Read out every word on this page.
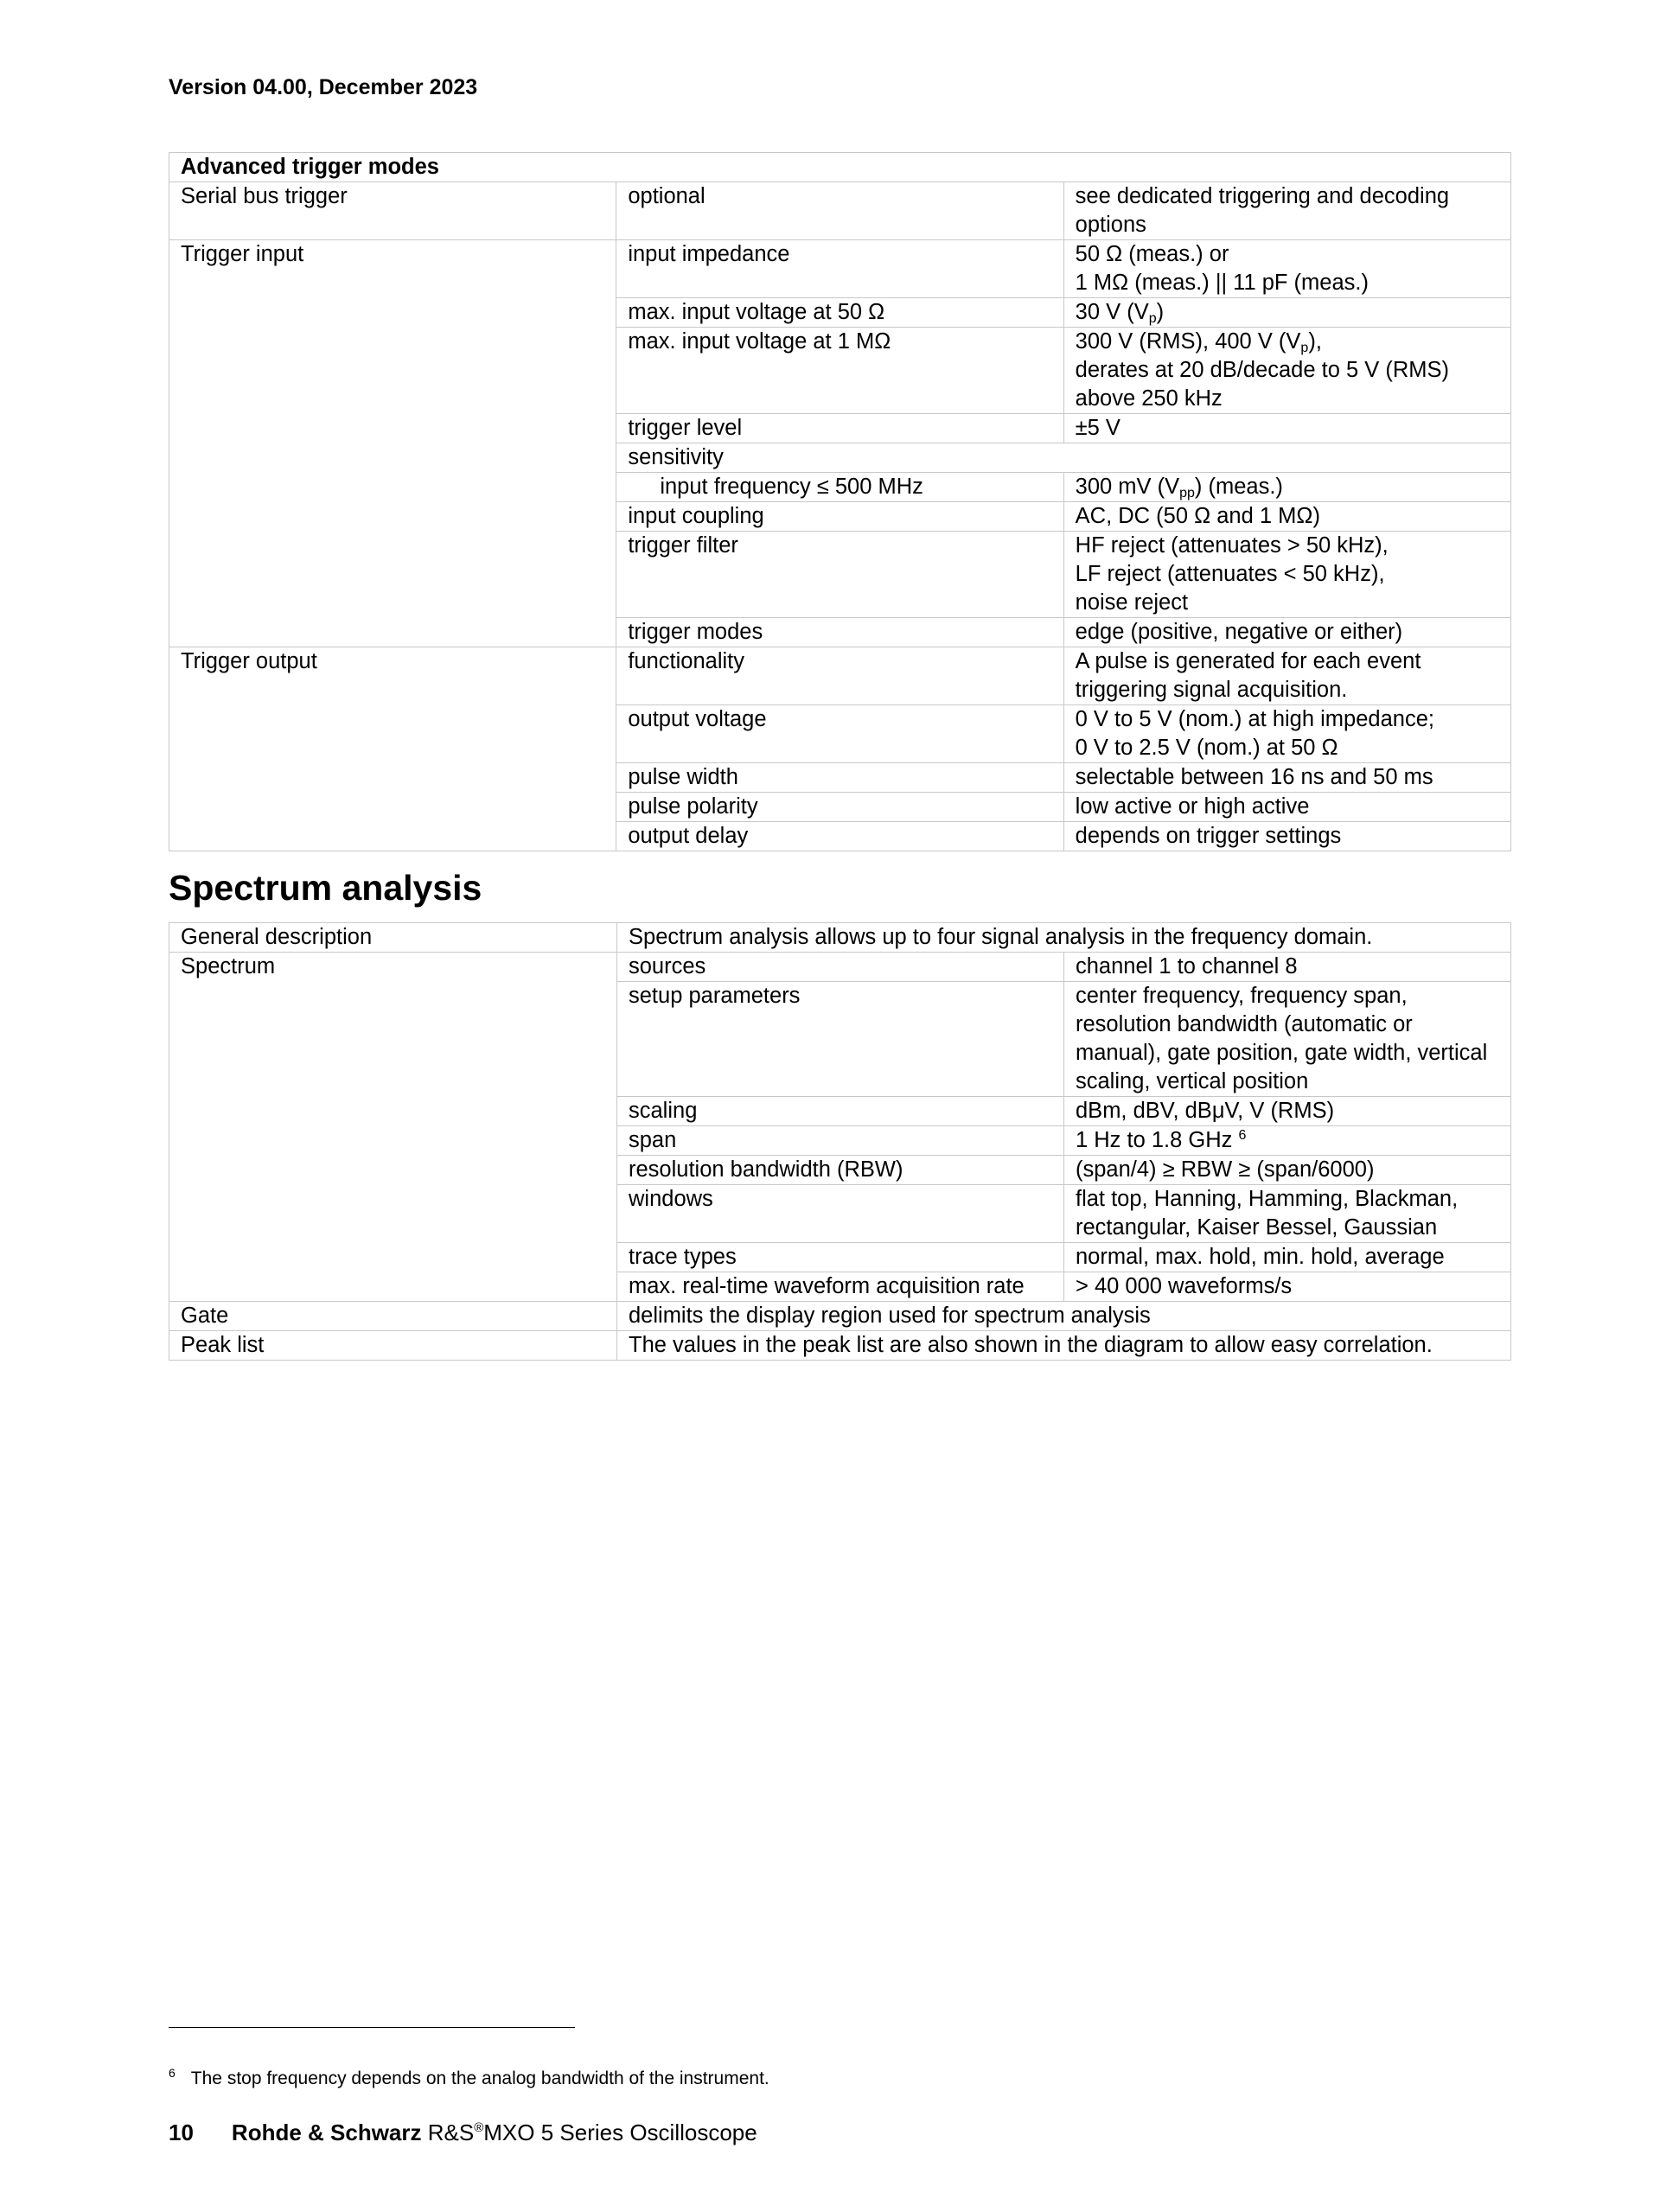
Version 04.00, December 2023
Advanced trigger modes		
Serial bus trigger	optional	see dedicated triggering and decoding options
Trigger input	input impedance	50 Ω (meas.) or
1 MΩ (meas.) || 11 pF (meas.)
	max. input voltage at 50 Ω	30 V $(V_p)$
	max. input voltage at 1 MΩ	300 V (RMS), 400 V $(V_p)$,
derates at 20 dB/decade to 5 V (RMS)
above 250 kHz
	trigger level	±5 V
	sensitivity	
	input frequency ≤ 500 MHz	300 mV $(V_{pp})$ (meas.)
	input coupling	AC, DC (50 Ω and 1 MΩ)
	trigger filter	HF reject (attenuates > 50 kHz),
LF reject (attenuates < 50 kHz),
noise reject
	trigger modes	edge (positive, negative or either)
Trigger output	functionality	A pulse is generated for each event
triggering signal acquisition.
	output voltage	0 V to 5 V (nom.) at high impedance;
0 V to 2.5 V (nom.) at 50 Ω
	pulse width	selectable between 16 ns and 50 ms
	pulse polarity	low active or high active
	output delay	depends on trigger settings
Spectrum analysis
General description	Spectrum analysis allows up to four signal analysis in the frequency domain.	
Spectrum	sources	channel 1 to channel 8
	setup parameters	center frequency, frequency span,
resolution bandwidth (automatic or
manual), gate position, gate width, vertical
scaling, vertical position
	scaling	dBm, dBV, dBμV, V (RMS)
	span	1 Hz to 1.8 GHz $^6$
	resolution bandwidth (RBW)	(span/4) ≥ RBW ≥ (span/6000)
	windows	flat top, Hanning, Hamming, Blackman,
rectangular, Kaiser Bessel, Gaussian
	trace types	normal, max. hold, min. hold, average
	max. real-time waveform acquisition rate	> 40 000 waveforms/s
Gate	delimits the display region used for spectrum analysis	
Peak list	The values in the peak list are also shown in the diagram to allow easy correlation.	
$^6$ The stop frequency depends on the analog bandwidth of the instrument.
10 Rohde & Schwarz R&S®MXO 5 Series Oscilloscope
